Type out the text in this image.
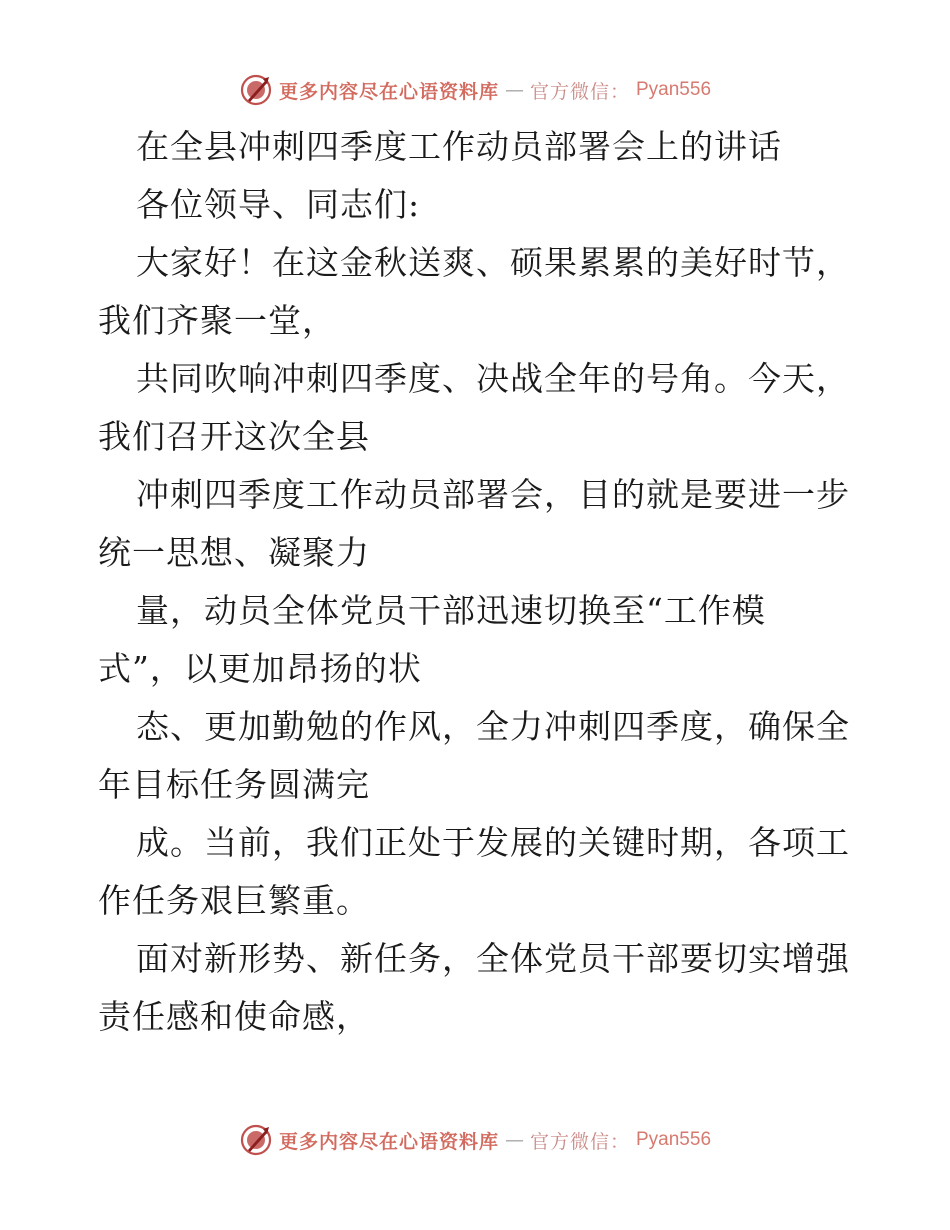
更多内容尽在心语资料库 — 官方微信： Pyan556
在全县冲刺四季度工作动员部署会上的讲话
各位领导、同志们:
大家好！在这金秋送爽、硕果累累的美好时节，
我们齐聚一堂，
共同吹响冲刺四季度、决战全年的号角。今天，
我们召开这次全县
冲刺四季度工作动员部署会，目的就是要进一步
统一思想、凝聚力
量，动员全体党员干部迅速切换至“工作模
式”，以更加昂扬的状
态、更加勤勉的作风，全力冲刺四季度，确保全
年目标任务圆满完
成。当前，我们正处于发展的关键时期，各项工
作任务艰巨繁重。
面对新形势、新任务，全体党员干部要切实增强
责任感和使命感，
更多内容尽在心语资料库 — 官方微信： Pyan556
